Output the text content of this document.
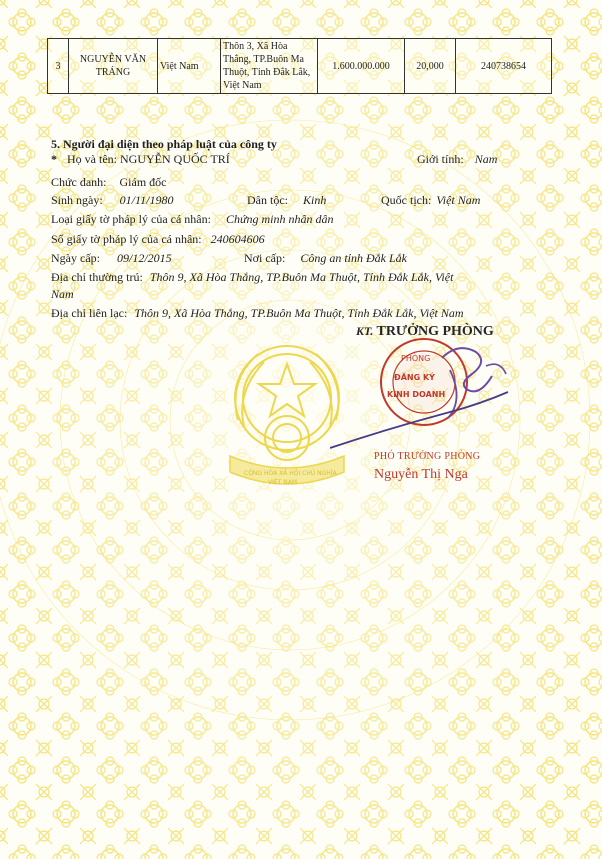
3	NGUYỄN VĂN TRÁNG	Việt Nam	Thôn 3, Xã Hòa Thắng, TP.Buôn Ma Thuột, Tỉnh Đắk Lắk, Việt Nam	1.600.000.000	20,000	240738654
5. Người đại diện theo pháp luật của công ty
* Họ và tên: NGUYỄN QUỐC TRÍ	Giới tính: Nam
Chức danh: Giám đốc
Sinh ngày: 01/11/1980	Dân tộc: Kinh	Quốc tịch: Việt Nam
Loại giấy tờ pháp lý của cá nhân: Chứng minh nhân dân
Số giấy tờ pháp lý của cá nhân: 240604606
Ngày cấp: 09/12/2015	Nơi cấp: Công an tỉnh Đắk Lắk
Địa chỉ thường trú: Thôn 9, Xã Hòa Thắng, TP.Buôn Ma Thuột, Tỉnh Đắk Lắk, Việt
Nam
Địa chỉ liên lạc: Thôn 9, Xã Hòa Thắng, TP.Buôn Ma Thuột, Tỉnh Đắk Lắk, Việt Nam
CỘNG HÒA XÃ HỘI CHỦ NGHĨA
VIỆT NAM
PHÒNG
ĐĂNG KÝ
KINH DOANH
KT. TRƯỞNG PHÒNG
PHÓ TRƯỞNG PHÒNG
Nguyễn Thị Nga
